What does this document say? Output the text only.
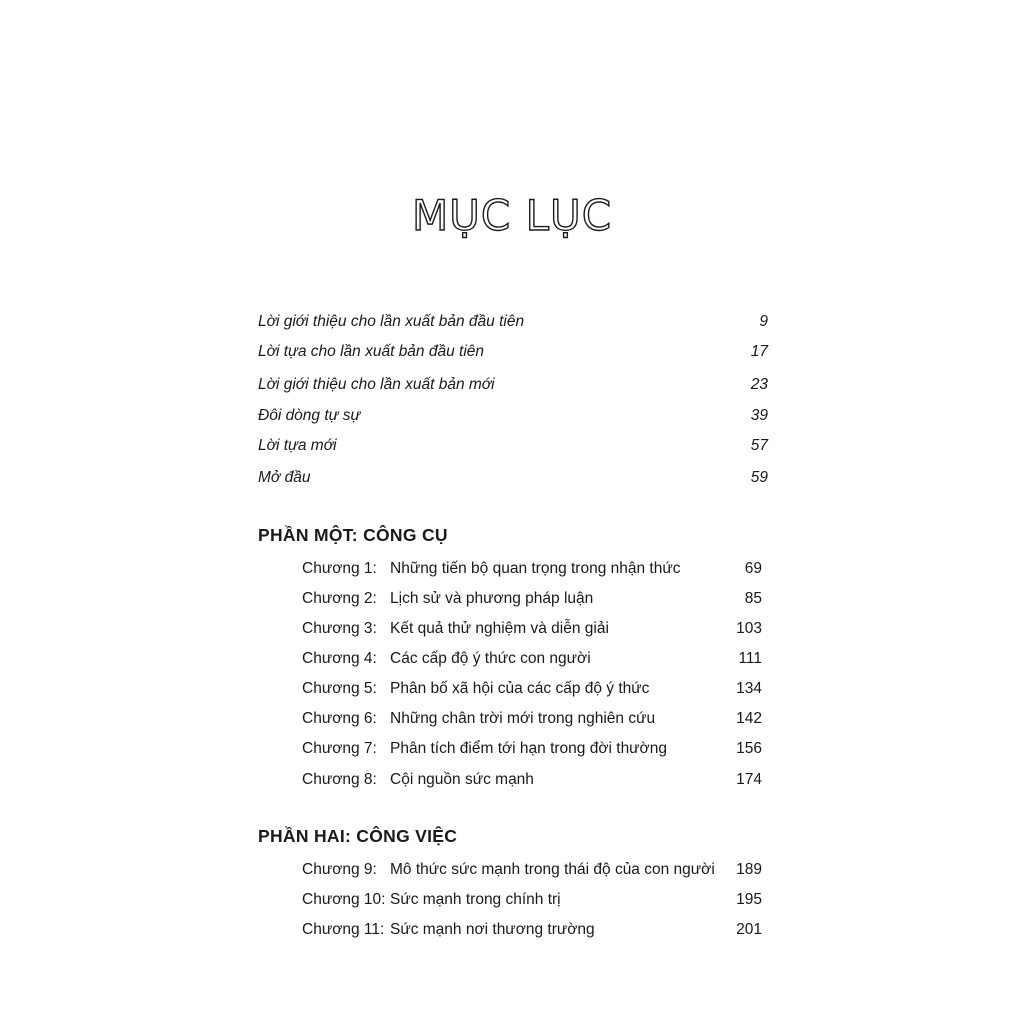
MỤC LỤC
Lời giới thiệu cho lần xuất bản đầu tiên	9
Lời tựa cho lần xuất bản đầu tiên	17
Lời giới thiệu cho lần xuất bản mới	23
Đôi dòng tự sự	39
Lời tựa mới	57
Mở đầu	59
PHẦN MỘT: CÔNG CỤ
Chương 1: Những tiến bộ quan trọng trong nhận thức	69
Chương 2: Lịch sử và phương pháp luận	85
Chương 3: Kết quả thử nghiệm và diễn giải	103
Chương 4: Các cấp độ ý thức con người	111
Chương 5: Phân bố xã hội của các cấp độ ý thức	134
Chương 6: Những chân trời mới trong nghiên cứu	142
Chương 7: Phân tích điểm tới hạn trong đời thường	156
Chương 8: Cội nguồn sức mạnh	174
PHẦN HAI: CÔNG VIỆC
Chương 9: Mô thức sức mạnh trong thái độ của con người	189
Chương 10: Sức mạnh trong chính trị	195
Chương 11: Sức mạnh nơi thương trường	201
